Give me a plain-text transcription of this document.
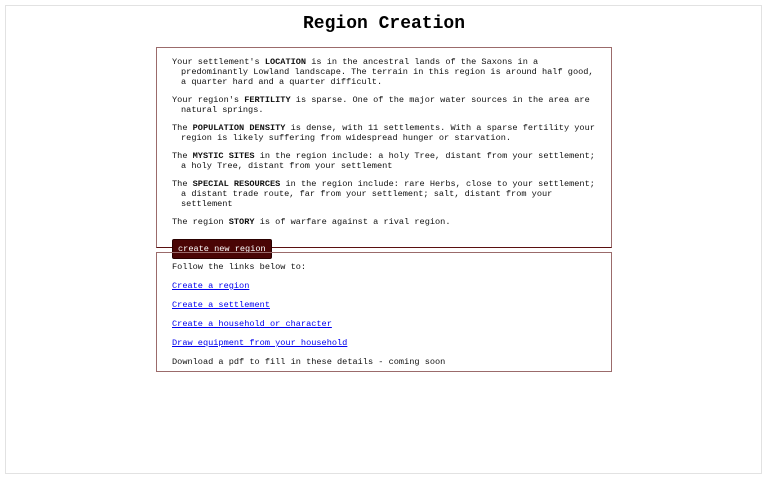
Region Creation

Your settlement's LOCATION is in the ancestral lands of the Saxons in a predominantly Lowland landscape. The terrain in this region is around half good, a quarter hard and a quarter difficult.

Your region's FERTILITY is sparse. One of the major water sources in the area are natural springs.

The POPULATION DENSITY is dense, with 11 settlements. With a sparse fertility your region is likely suffering from widespread hunger or starvation.

The MYSTIC SITES in the region include: a holy Tree, distant from your settlement; a holy Tree, distant from your settlement

The SPECIAL RESOURCES in the region include: rare Herbs, close to your settlement; a distant trade route, far from your settlement; salt, distant from your settlement

The region STORY is of warfare against a rival region.

create new region

Follow the links below to:

Create a region

Create a settlement

Create a household or character

Draw equipment from your household

Download a pdf to fill in these details - coming soon
